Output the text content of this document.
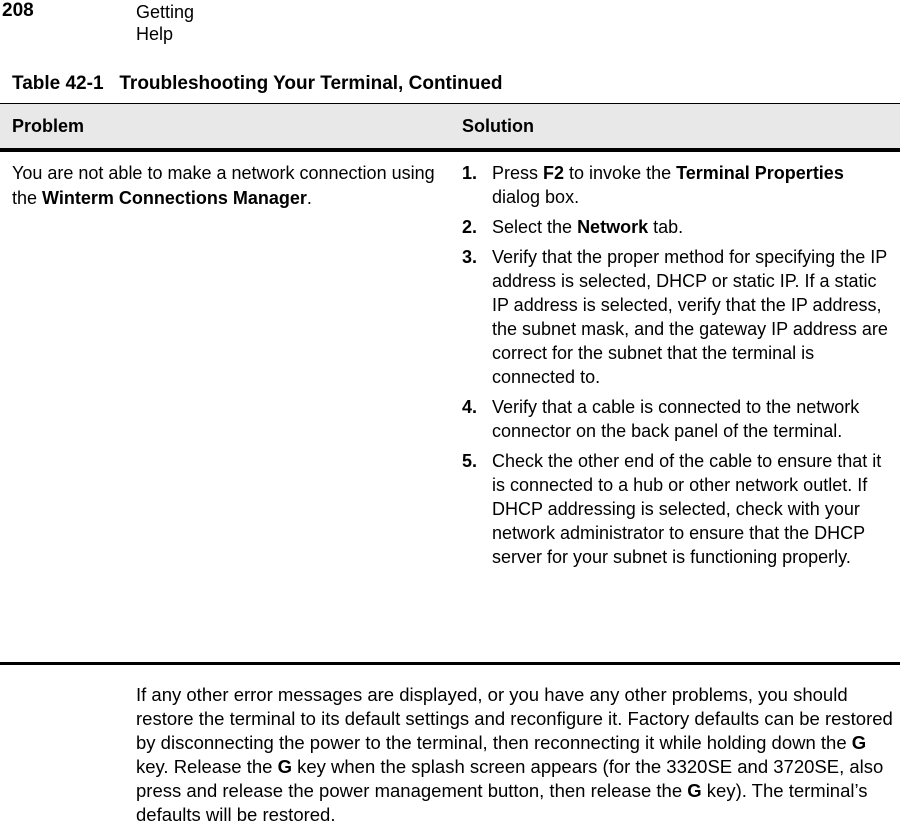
208	Getting Help
Table 42-1 Troubleshooting Your Terminal, Continued
Problem	Solution
You are not able to make a network connection using the Winterm Connections Manager.
1. Press F2 to invoke the Terminal Properties dialog box.
2. Select the Network tab.
3. Verify that the proper method for specifying the IP address is selected, DHCP or static IP. If a static IP address is selected, verify that the IP address, the subnet mask, and the gateway IP address are correct for the subnet that the terminal is connected to.
4. Verify that a cable is connected to the network connector on the back panel of the terminal.
5. Check the other end of the cable to ensure that it is connected to a hub or other network outlet. If DHCP addressing is selected, check with your network administrator to ensure that the DHCP server for your subnet is functioning properly.

If any other error messages are displayed, or you have any other problems, you should restore the terminal to its default settings and reconfigure it. Factory defaults can be restored by disconnecting the power to the terminal, then reconnecting it while holding down the G key. Release the G key when the splash screen appears (for the 3320SE and 3720SE, also press and release the power management button, then release the G key). The terminal’s defaults will be restored.
